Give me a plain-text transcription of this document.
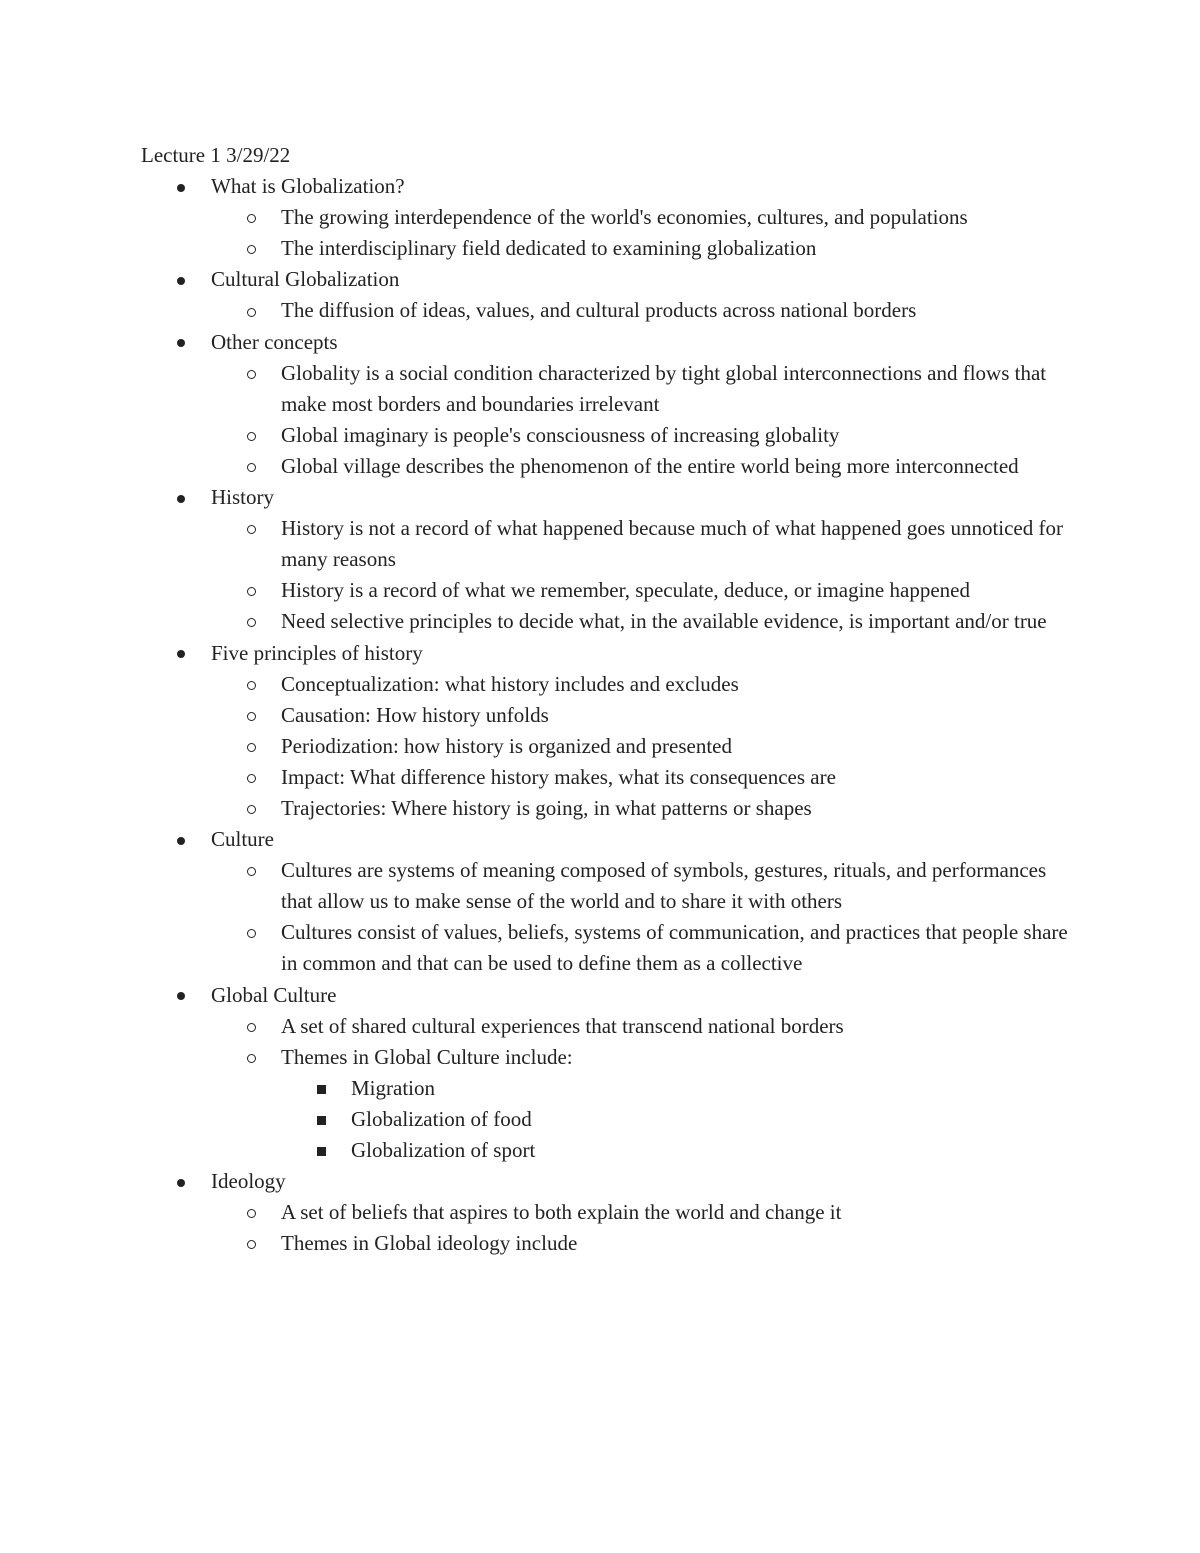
Lecture 1 3/29/22

What is Globalization?
The growing interdependence of the world's economies, cultures, and populations
The interdisciplinary field dedicated to examining globalization
Cultural Globalization
The diffusion of ideas, values, and cultural products across national borders
Other concepts
Globality is a social condition characterized by tight global interconnections and flows that make most borders and boundaries irrelevant
Global imaginary is people's consciousness of increasing globality
Global village describes the phenomenon of the entire world being more interconnected
History
History is not a record of what happened because much of what happened goes unnoticed for many reasons
History is a record of what we remember, speculate, deduce, or imagine happened
Need selective principles to decide what, in the available evidence, is important and/or true
Five principles of history
Conceptualization: what history includes and excludes
Causation: How history unfolds
Periodization: how history is organized and presented
Impact: What difference history makes, what its consequences are
Trajectories: Where history is going, in what patterns or shapes
Culture
Cultures are systems of meaning composed of symbols, gestures, rituals, and performances that allow us to make sense of the world and to share it with others
Cultures consist of values, beliefs, systems of communication, and practices that people share in common and that can be used to define them as a collective
Global Culture
A set of shared cultural experiences that transcend national borders
Themes in Global Culture include:
Migration
Globalization of food
Globalization of sport
Ideology
A set of beliefs that aspires to both explain the world and change it
Themes in Global ideology include
